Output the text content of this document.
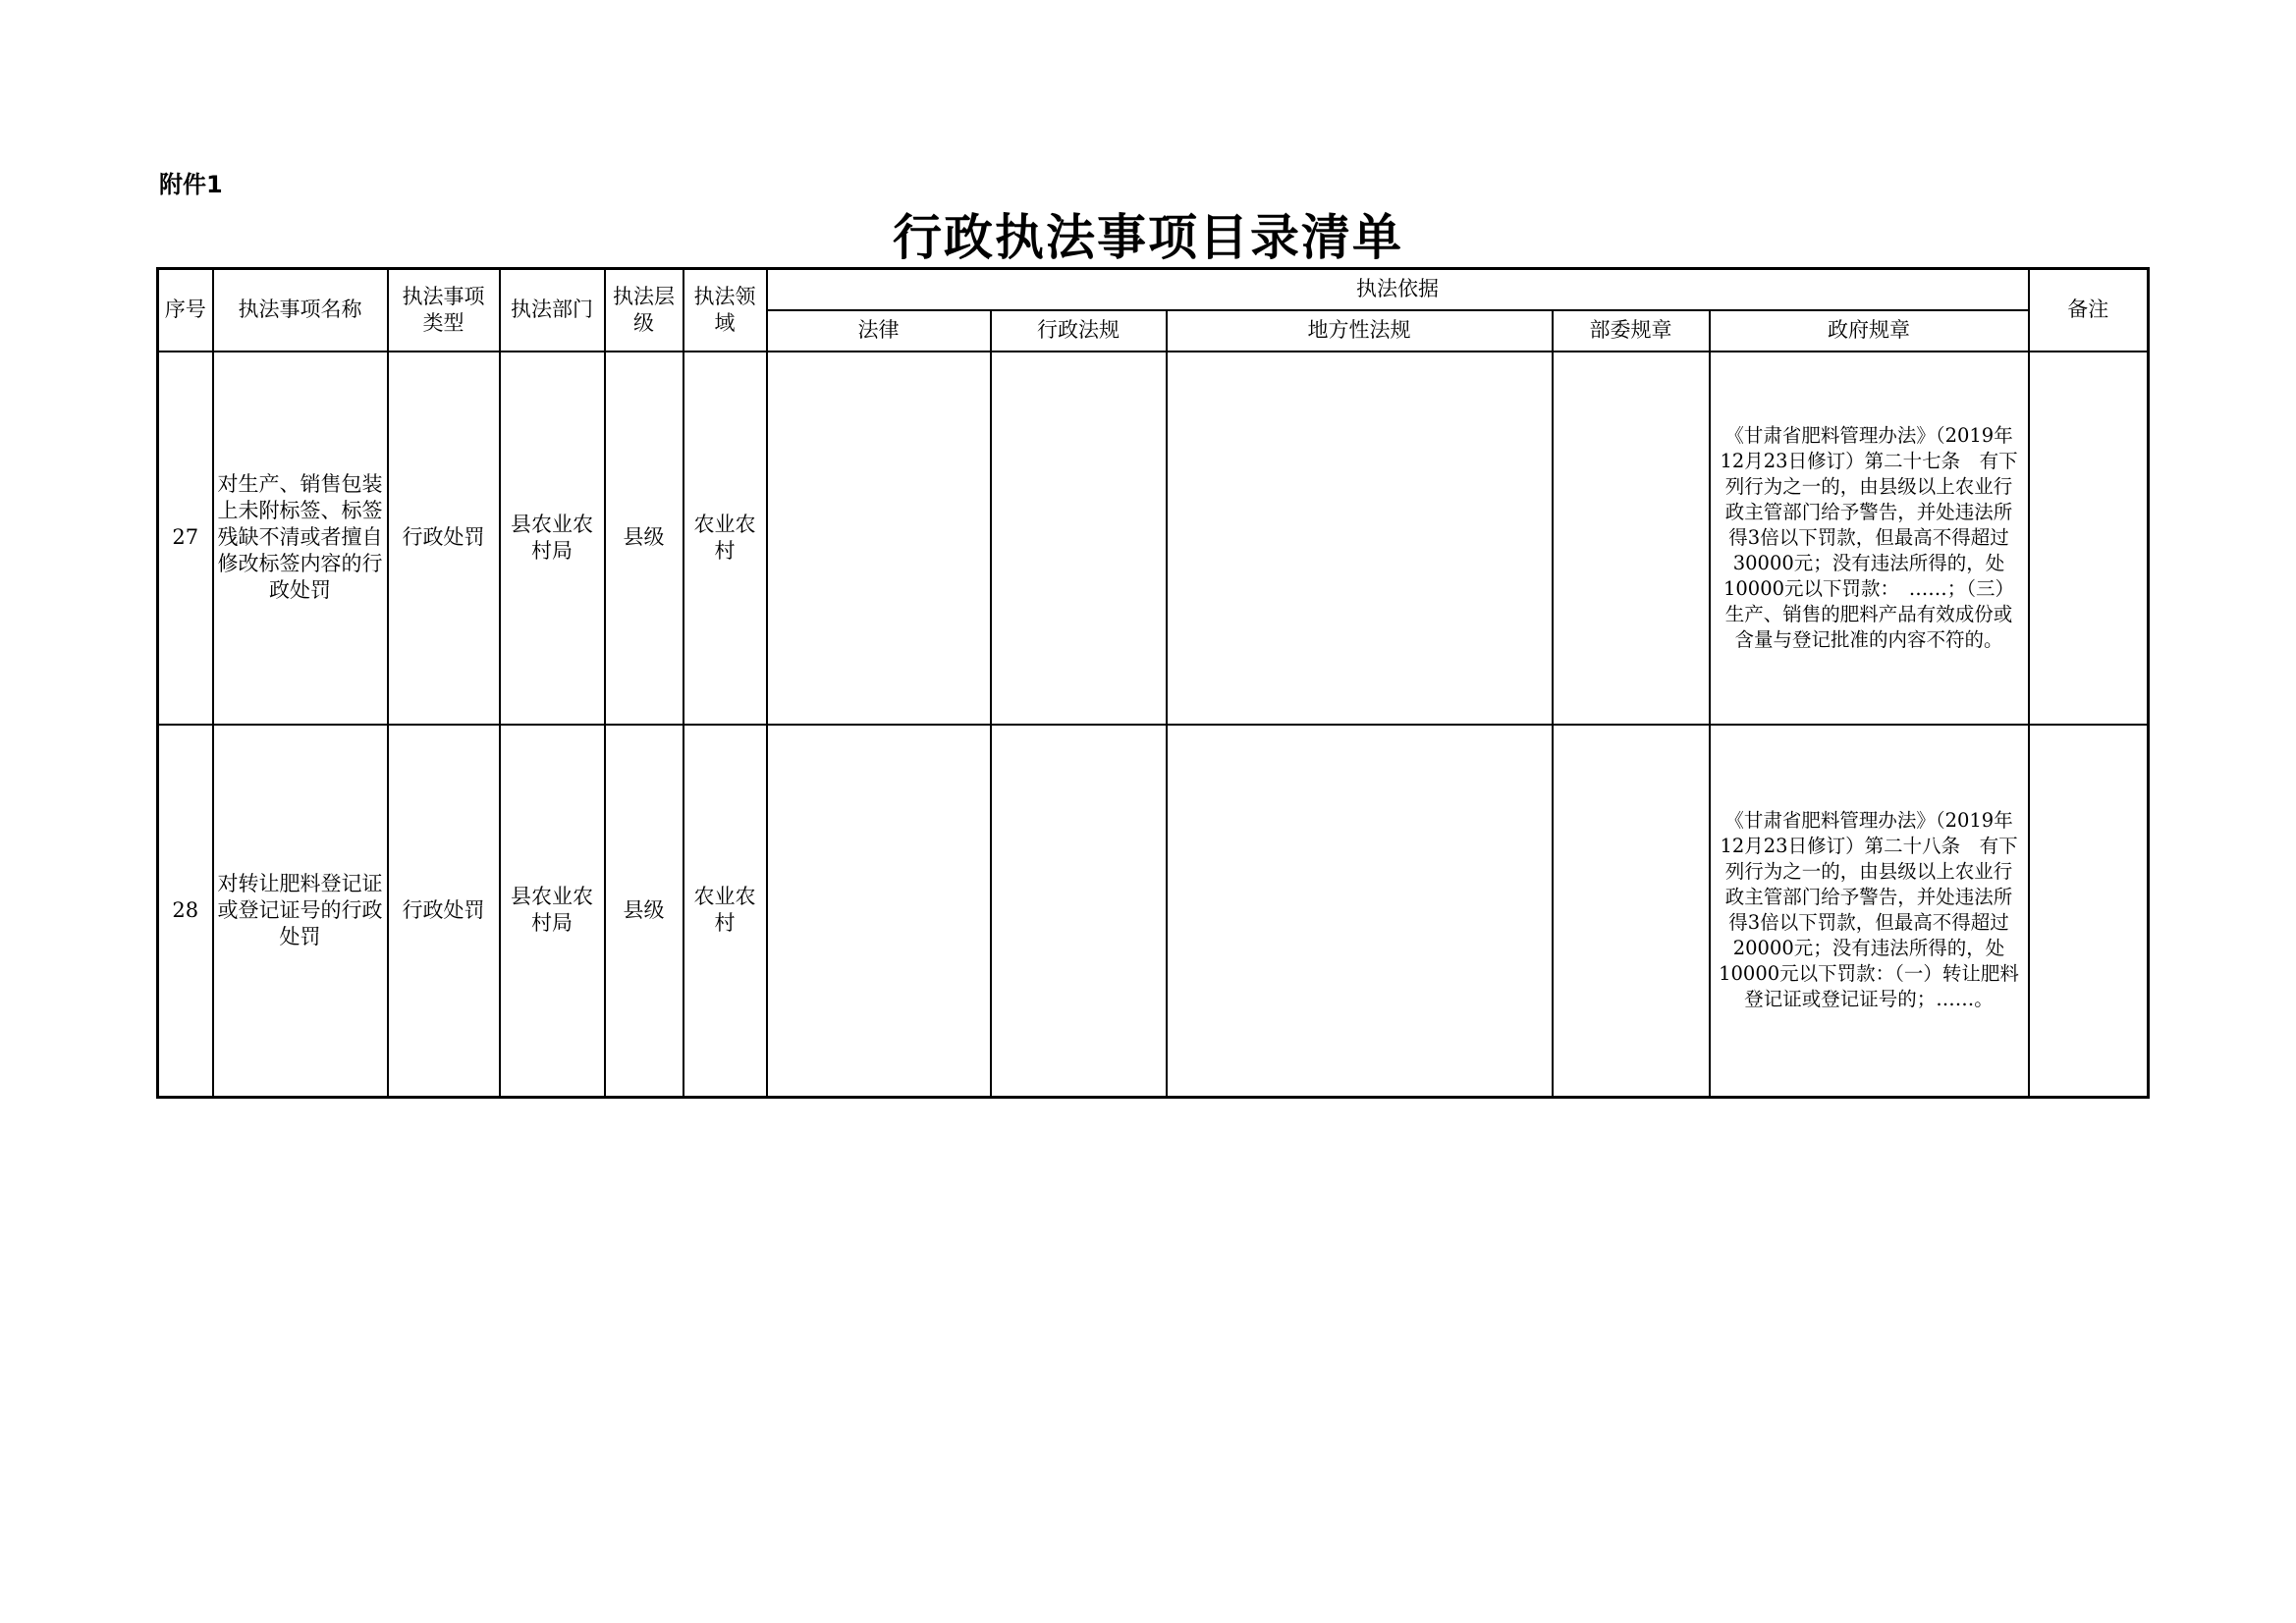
附件1
行政执法事项目录清单
序号	执法事项名称	执法事项类型	执法部门	执法层级	执法领域	执法依据					备注
						法律	行政法规	地方性法规	部委规章	政府规章	
27	对生产、销售包装上未附标签、标签残缺不清或者擅自修改标签内容的行政处罚	行政处罚	县农业农村局	县级	农业农村					《甘肃省肥料管理办法》（2019年12月23日修订）第二十七条　有下列行为之一的，由县级以上农业行政主管部门给予警告，并处违法所得3倍以下罚款，但最高不得超过30000元；没有违法所得的，处10000元以下罚款：　……；（三）生产、销售的肥料产品有效成份或含量与登记批准的内容不符的。	
28	对转让肥料登记证或登记证号的行政处罚	行政处罚	县农业农村局	县级	农业农村					《甘肃省肥料管理办法》（2019年12月23日修订）第二十八条　有下列行为之一的，由县级以上农业行政主管部门给予警告，并处违法所得3倍以下罚款，但最高不得超过20000元；没有违法所得的，处10000元以下罚款：（一）转让肥料登记证或登记证号的；……。	
